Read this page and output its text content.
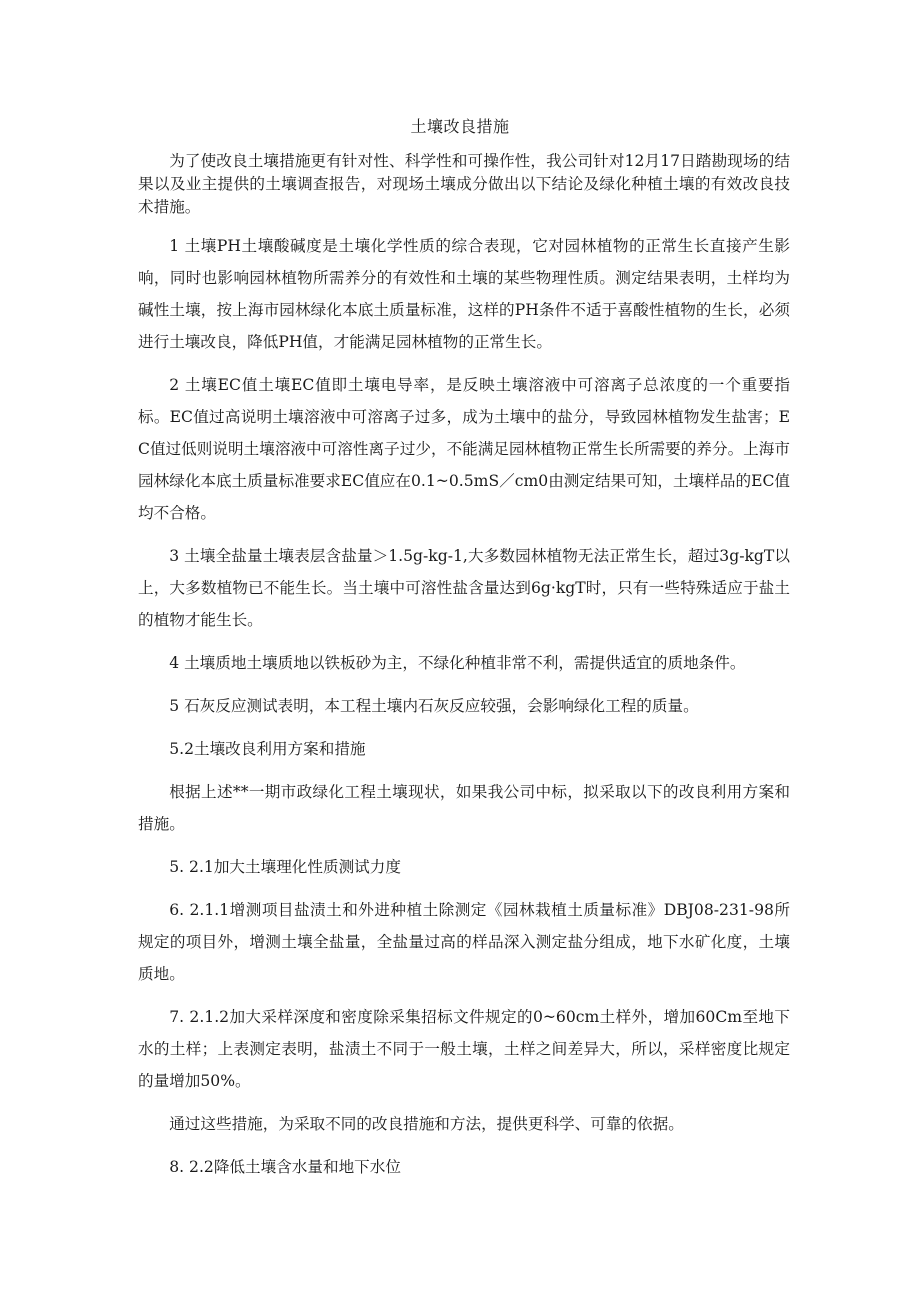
土壤改良措施

为了使改良土壤措施更有针对性、科学性和可操作性，我公司针对12月17日踏勘现场的结果以及业主提供的土壤调查报告，对现场土壤成分做出以下结论及绿化种植土壤的有效改良技术措施。

1 土壤PH土壤酸碱度是土壤化学性质的综合表现，它对园林植物的正常生长直接产生影响，同时也影响园林植物所需养分的有效性和土壤的某些物理性质。测定结果表明，土样均为碱性土壤，按上海市园林绿化本底土质量标准，这样的PH条件不适于喜酸性植物的生长，必须进行土壤改良，降低PH值，才能满足园林植物的正常生长。

2 土壤EC值土壤EC值即土壤电导率，是反映土壤溶液中可溶离子总浓度的一个重要指标。EC值过高说明土壤溶液中可溶离子过多，成为土壤中的盐分，导致园林植物发生盐害；EC值过低则说明土壤溶液中可溶性离子过少，不能满足园林植物正常生长所需要的养分。上海市园林绿化本底土质量标准要求EC值应在0.1~0.5mS／cm0由测定结果可知，土壤样品的EC值均不合格。

3 土壤全盐量土壤表层含盐量＞1.5g-kg-1,大多数园林植物无法正常生长，超过3g-kgT以上，大多数植物已不能生长。当土壤中可溶性盐含量达到6g·kgT时，只有一些特殊适应于盐土的植物才能生长。

4 土壤质地土壤质地以铁板砂为主，不绿化种植非常不利，需提供适宜的质地条件。

5 石灰反应测试表明，本工程土壤内石灰反应较强，会影响绿化工程的质量。

5.2土壤改良利用方案和措施

根据上述**一期市政绿化工程土壤现状，如果我公司中标，拟采取以下的改良利用方案和措施。

5. 2.1加大土壤理化性质测试力度

6. 2.1.1增测项目盐渍土和外进种植土除测定《园林栽植土质量标准》DBJ08-231-98所规定的项目外，增测土壤全盐量，全盐量过高的样品深入测定盐分组成，地下水矿化度，土壤质地。

7. 2.1.2加大采样深度和密度除采集招标文件规定的0~60cm土样外，增加60Cm至地下水的土样；上表测定表明，盐渍土不同于一般土壤，土样之间差异大，所以，采样密度比规定的量增加50%。

通过这些措施，为采取不同的改良措施和方法，提供更科学、可靠的依据。

8. 2.2降低土壤含水量和地下水位
